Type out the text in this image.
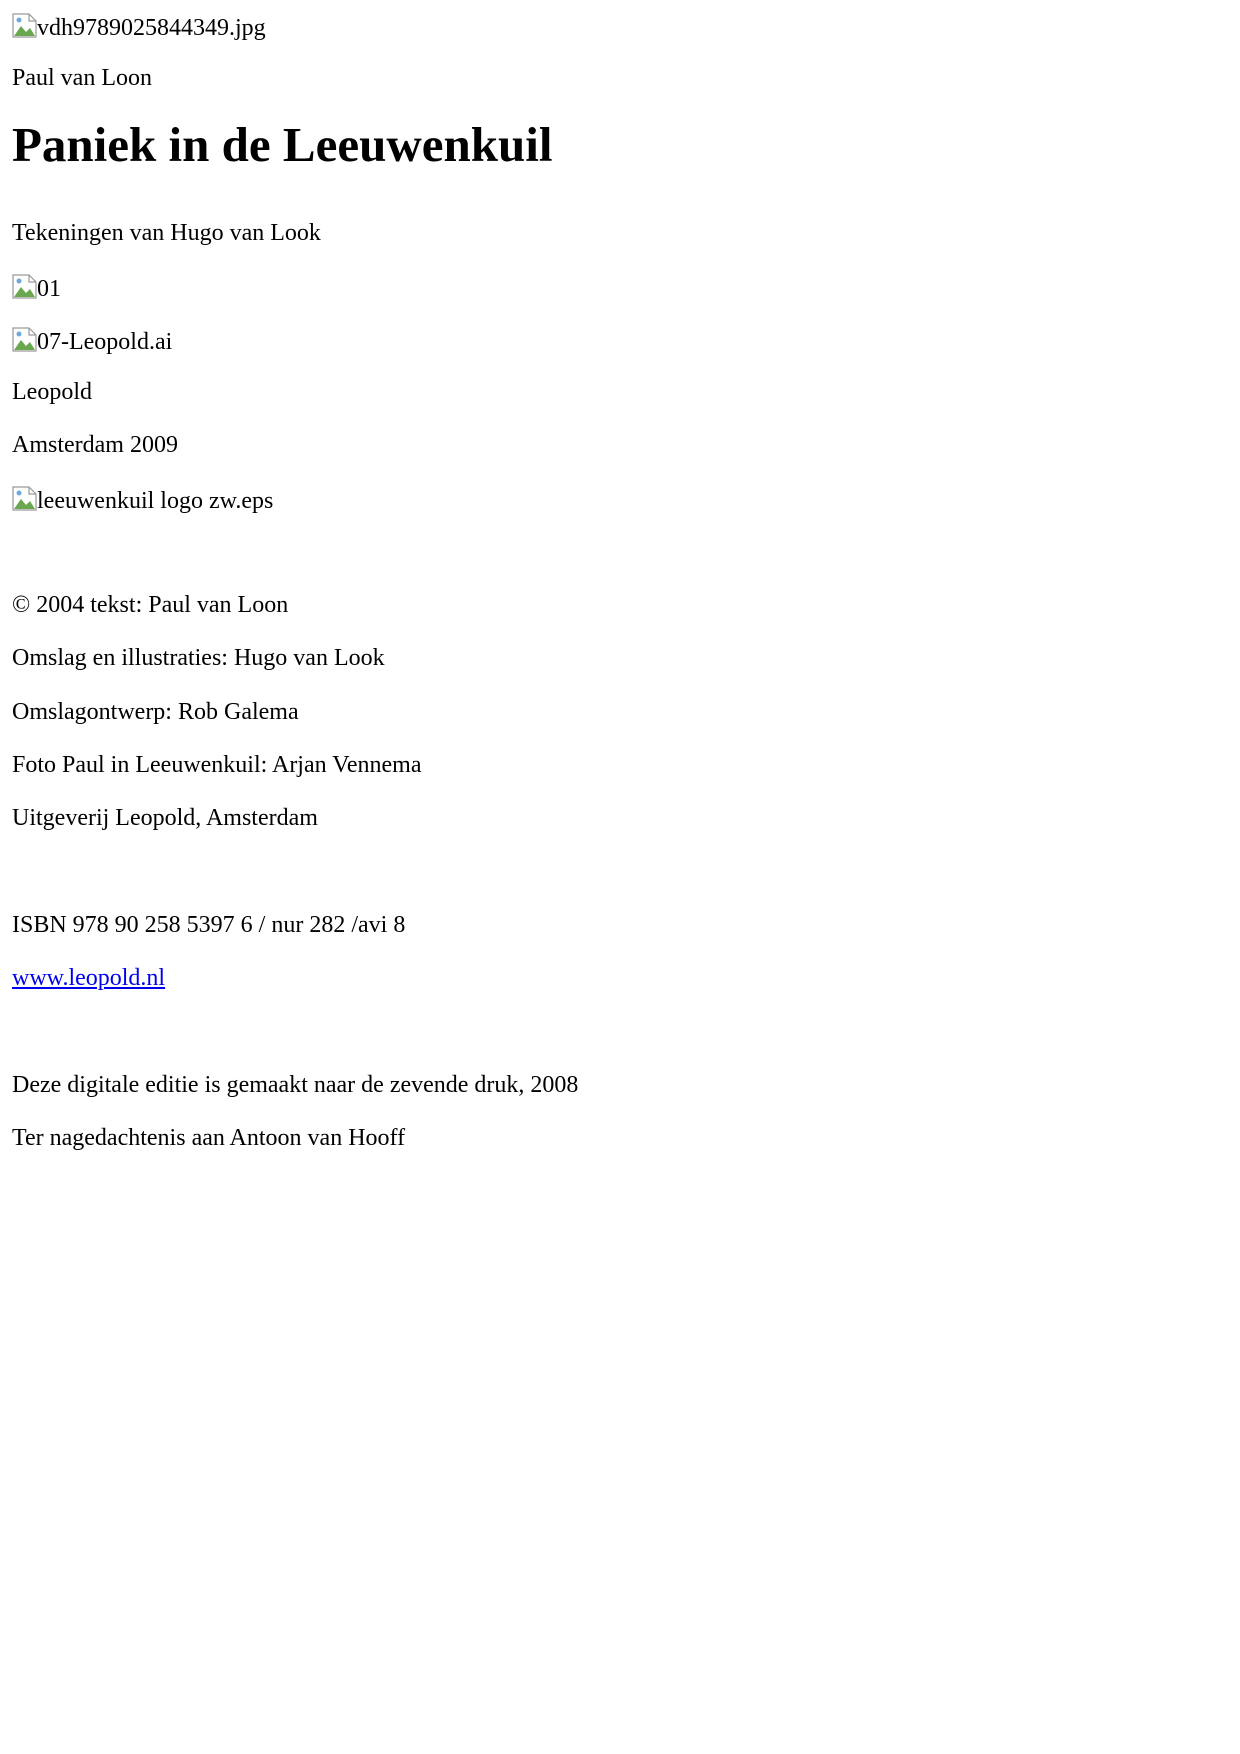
vdh9789025844349.jpg

Paul van Loon

Paniek in de Leeuwenkuil

Tekeningen van Hugo van Look

01

07-Leopold.ai

Leopold

Amsterdam 2009

leeuwenkuil logo zw.eps

© 2004 tekst: Paul van Loon

Omslag en illustraties: Hugo van Look

Omslagontwerp: Rob Galema

Foto Paul in Leeuwenkuil: Arjan Vennema

Uitgeverij Leopold, Amsterdam

ISBN 978 90 258 5397 6 / nur 282 /avi 8

www.leopold.nl

Deze digitale editie is gemaakt naar de zevende druk, 2008

Ter nagedachtenis aan Antoon van Hooff
